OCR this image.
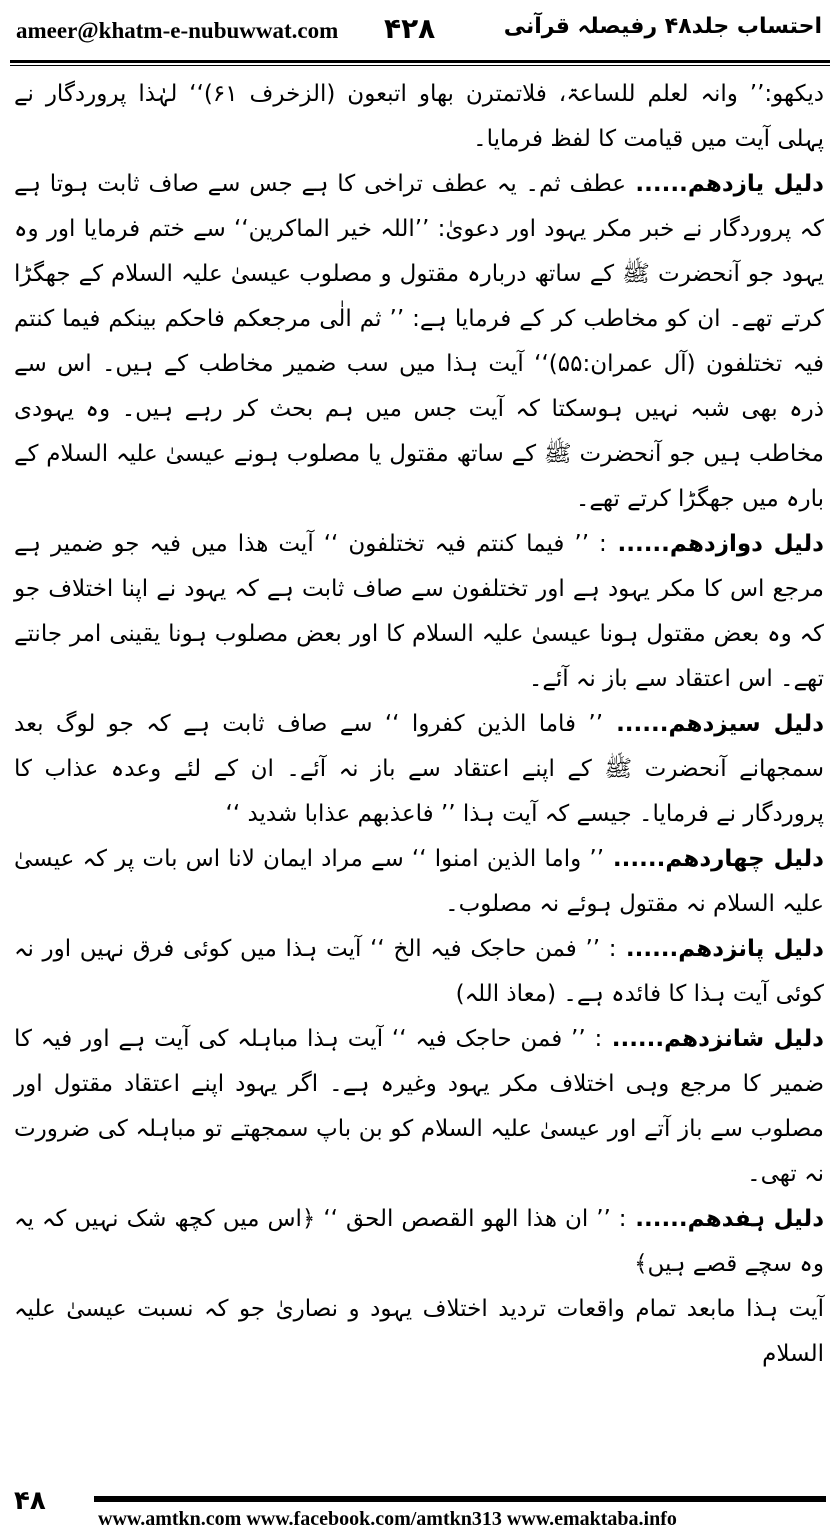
ameer@khatm-e-nubuwwat.com ۴۲۸	احتساب جلد۴۸ رفیصلہ قرآنی

دیکھو:’’ وانہ لعلم للساعۃ، فلاتمترن بھاو اتبعون (الزخرف ۶۱)‘‘ لہٰذا پروردگار نے پہلی آیت میں قیامت کا لفظ فرمایا۔

دلیل یازدھم...... عطف ثم۔ یہ عطف تراخی کا ہے جس سے صاف ثابت ہوتا ہے کہ پروردگار نے خبر مکر یہود اور دعویٰ: ’’اللہ خیر الماکرین‘‘ سے ختم فرمایا اور وہ یہود جو آنحضرت ﷺ کے ساتھ دربارہ مقتول و مصلوب عیسیٰ علیہ السلام کے جھگڑا کرتے تھے۔ ان کو مخاطب کر کے فرمایا ہے: ’’ ثم الٰی مرجعکم فاحکم بینکم فیما کنتم فیہ تختلفون (آل عمران:۵۵)‘‘ آیت ہذا میں سب ضمیر مخاطب کے ہیں۔ اس سے ذرہ بھی شبہ نہیں ہوسکتا کہ آیت جس میں ہم بحث کر رہے ہیں۔ وہ یہودی مخاطب ہیں جو آنحضرت ﷺ کے ساتھ مقتول یا مصلوب ہونے عیسیٰ علیہ السلام کے بارہ میں جھگڑا کرتے تھے۔

دلیل دوازدھم...... : ’’ فیما کنتم فیہ تختلفون ‘‘ آیت ھذا میں فیہ جو ضمیر ہے مرجع اس کا مکر یہود ہے اور تختلفون سے صاف ثابت ہے کہ یہود نے اپنا اختلاف جو کہ وہ بعض مقتول ہونا عیسیٰ علیہ السلام کا اور بعض مصلوب ہونا یقینی امر جانتے تھے۔ اس اعتقاد سے باز نہ آئے۔

دلیل سیزدھم...... ’’ فاما الذین کفروا ‘‘ سے صاف ثابت ہے کہ جو لوگ بعد سمجھانے آنحضرت ﷺ کے اپنے اعتقاد سے باز نہ آئے۔ ان کے لئے وعدہ عذاب کا پروردگار نے فرمایا۔ جیسے کہ آیت ہذا ’’ فاعذبھم عذابا شدید ‘‘

دلیل چھاردھم...... ’’ واما الذین امنوا ‘‘ سے مراد ایمان لانا اس بات پر کہ عیسیٰ علیہ السلام نہ مقتول ہوئے نہ مصلوب۔

دلیل پانزدھم...... : ’’ فمن حاجک فیہ الخ ‘‘ آیت ہذا میں کوئی فرق نہیں اور نہ کوئی آیت ہذا کا فائدہ ہے۔ (معاذ اللہ)

دلیل شانزدھم...... : ’’ فمن حاجک فیہ ‘‘ آیت ہذا مباہلہ کی آیت ہے اور فیہ کا ضمیر کا مرجع وہی اختلاف مکر یہود وغیرہ ہے۔ اگر یہود اپنے اعتقاد مقتول اور مصلوب سے باز آتے اور عیسیٰ علیہ السلام کو بن باپ سمجھتے تو مباہلہ کی ضرورت نہ تھی۔

دلیل ہفدھم...... : ’’ ان ھذا الھو القصص الحق ‘‘ ﴿اس میں کچھ شک نہیں کہ یہ وہ سچے قصے ہیں﴾

آیت ہذا مابعد تمام واقعات تردید اختلاف یہود و نصاریٰ جو کہ نسبت عیسیٰ علیہ السلام

۴۸
www.amtkn.com www.facebook.com/amtkn313 www.emaktaba.info
